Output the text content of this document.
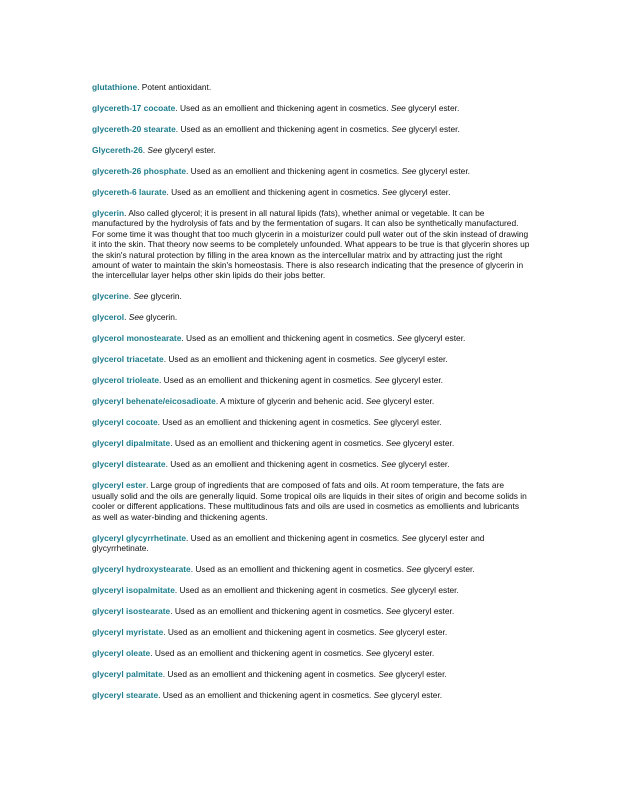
glutathione. Potent antioxidant.

glycereth-17 cocoate. Used as an emollient and thickening agent in cosmetics. See glyceryl ester.

glycereth-20 stearate. Used as an emollient and thickening agent in cosmetics. See glyceryl ester.

Glycereth-26. See glyceryl ester.

glycereth-26 phosphate. Used as an emollient and thickening agent in cosmetics. See glyceryl ester.

glycereth-6 laurate. Used as an emollient and thickening agent in cosmetics. See glyceryl ester.

glycerin. Also called glycerol; it is present in all natural lipids (fats), whether animal or vegetable. It can be manufactured by the hydrolysis of fats and by the fermentation of sugars. It can also be synthetically manufactured. For some time it was thought that too much glycerin in a moisturizer could pull water out of the skin instead of drawing it into the skin. That theory now seems to be completely unfounded. What appears to be true is that glycerin shores up the skin's natural protection by filling in the area known as the intercellular matrix and by attracting just the right amount of water to maintain the skin's homeostasis. There is also research indicating that the presence of glycerin in the intercellular layer helps other skin lipids do their jobs better.

glycerine. See glycerin.

glycerol. See glycerin.

glycerol monostearate. Used as an emollient and thickening agent in cosmetics. See glyceryl ester.

glycerol triacetate. Used as an emollient and thickening agent in cosmetics. See glyceryl ester.

glycerol trioleate. Used as an emollient and thickening agent in cosmetics. See glyceryl ester.

glyceryl behenate/eicosadioate. A mixture of glycerin and behenic acid. See glyceryl ester.

glyceryl cocoate. Used as an emollient and thickening agent in cosmetics. See glyceryl ester.

glyceryl dipalmitate. Used as an emollient and thickening agent in cosmetics. See glyceryl ester.

glyceryl distearate. Used as an emollient and thickening agent in cosmetics. See glyceryl ester.

glyceryl ester. Large group of ingredients that are composed of fats and oils. At room temperature, the fats are usually solid and the oils are generally liquid. Some tropical oils are liquids in their sites of origin and become solids in cooler or different applications. These multitudinous fats and oils are used in cosmetics as emollients and lubricants as well as water-binding and thickening agents.

glyceryl glycyrrhetinate. Used as an emollient and thickening agent in cosmetics. See glyceryl ester and glycyrrhetinate.

glyceryl hydroxystearate. Used as an emollient and thickening agent in cosmetics. See glyceryl ester.

glyceryl isopalmitate. Used as an emollient and thickening agent in cosmetics. See glyceryl ester.

glyceryl isostearate. Used as an emollient and thickening agent in cosmetics. See glyceryl ester.

glyceryl myristate. Used as an emollient and thickening agent in cosmetics. See glyceryl ester.

glyceryl oleate. Used as an emollient and thickening agent in cosmetics. See glyceryl ester.

glyceryl palmitate. Used as an emollient and thickening agent in cosmetics. See glyceryl ester.

glyceryl stearate. Used as an emollient and thickening agent in cosmetics. See glyceryl ester.
